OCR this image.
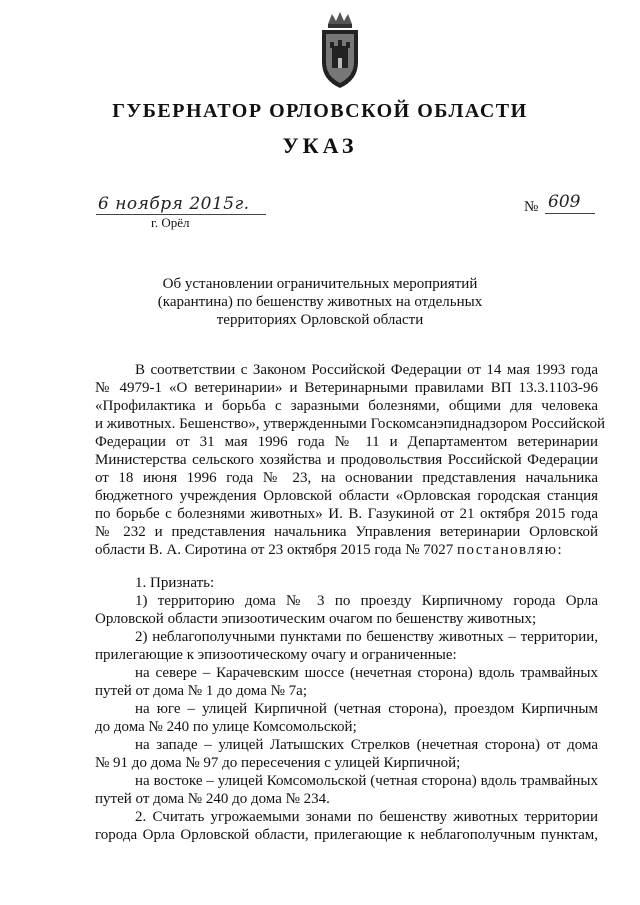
ГУБЕРНАТОР ОРЛОВСКОЙ ОБЛАСТИ
УКАЗ
6 ноября 2015г.
г. Орёл
№ 609
Об установлении ограничительных мероприятий
(карантина) по бешенству животных на отдельных
территориях Орловской области
В соответствии с Законом Российской Федерации от 14 мая 1993 года
№ 4979-1 «О ветеринарии» и Ветеринарными правилами ВП 13.3.1103-96
«Профилактика и борьба с заразными болезнями, общими для человека
и животных. Бешенство», утвержденными Госкомсанэпиднадзором Российской
Федерации от 31 мая 1996 года № 11 и Департаментом ветеринарии
Министерства сельского хозяйства и продовольствия Российской Федерации
от 18 июня 1996 года № 23, на основании представления начальника
бюджетного учреждения Орловской области «Орловская городская станция
по борьбе с болезнями животных» И. В. Газукиной от 21 октября 2015 года
№ 232 и представления начальника Управления ветеринарии Орловской
области В. А. Сиротина от 23 октября 2015 года № 7027 постановляю:
1. Признать:
1) территорию дома № 3 по проезду Кирпичному города Орла
Орловской области эпизоотическим очагом по бешенству животных;
2) неблагополучными пунктами по бешенству животных – территории,
прилегающие к эпизоотическому очагу и ограниченные:
на севере – Карачевским шоссе (нечетная сторона) вдоль трамвайных
путей от дома № 1 до дома № 7а;
на юге – улицей Кирпичной (четная сторона), проездом Кирпичным
до дома № 240 по улице Комсомольской;
на западе – улицей Латышских Стрелков (нечетная сторона) от дома
№ 91 до дома № 97 до пересечения с улицей Кирпичной;
на востоке – улицей Комсомольской (четная сторона) вдоль трамвайных
путей от дома № 240 до дома № 234.
2. Считать угрожаемыми зонами по бешенству животных территории
города Орла Орловской области, прилегающие к неблагополучным пунктам,
